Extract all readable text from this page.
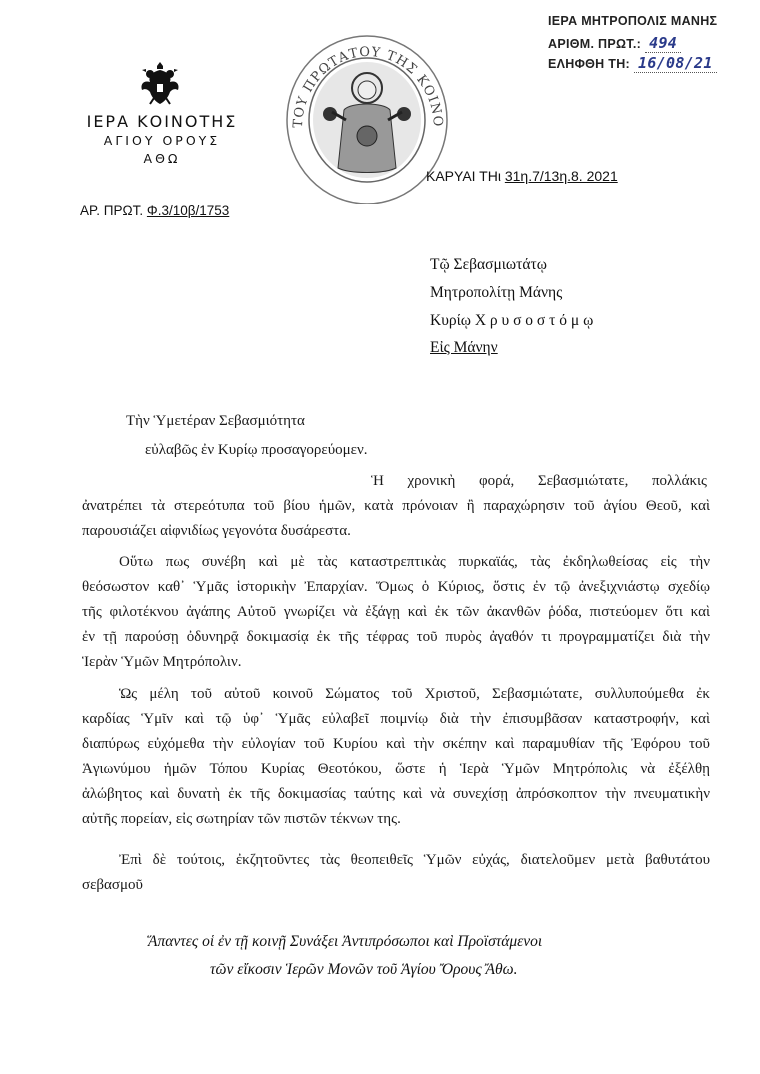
ΙΕΡΑ ΜΗΤΡΟΠΟΛΙΣ ΜΑΝΗΣ
ΑΡΙΘΜ. ΠΡΩΤ.: 494
ΕΛΗΦΘΗ ΤΗ: 16/08/21
ΙΕΡΑ ΚΟΙΝΟΤΗΣ
ΑΓΙΟΥ ΟΡΟΥΣ
ΑΘΩ
ΑΡ. ΠΡΩΤ. Φ.3/10β/1753
ΤΟΥ ΠΡΩΤΑΤΟΥ ΤΗΣ ΚΟΙΝΟ
ΚΑΡΥΑΙ ΤΗι 31η.7/13η.8. 2021
Τῷ Σεβασμιωτάτῳ
Μητροπολίτῃ Μάνης
Κυρίῳ Χ ρ υ σ ο σ τ ό μ ῳ
Εἰς Μάνην
Τὴν Ὑμετέραν Σεβασμιότητα
εὐλαβῶς ἐν Κυρίῳ προσαγορεύομεν.
Ἡ χρονικὴ φορά, Σεβασμιώτατε, πολλάκις
ἀνατρέπει τὰ στερεότυπα τοῦ βίου ἡμῶν, κατὰ πρόνοιαν ἢ παραχώρησιν τοῦ ἁγίου Θεοῦ, καὶ
παρουσιάζει αἰφνιδίως γεγονότα δυσάρεστα.
Οὕτω πως συνέβη καὶ μὲ τὰς καταστρεπτικὰς πυρκαϊάς, τὰς ἐκδηλωθείσας εἰς τὴν
θεόσωστον καθ᾿ Ὑμᾶς ἱστορικὴν Ἐπαρχίαν. Ὅμως ὁ Κύριος, ὅστις ἐν τῷ ἀνεξιχνιάστῳ σχεδίῳ
τῆς φιλοτέκνου ἀγάπης Αὐτοῦ γνωρίζει νὰ ἐξάγῃ καὶ ἐκ τῶν ἀκανθῶν ῥόδα, πιστεύομεν ὅτι καὶ
ἐν τῇ παρούσῃ ὀδυνηρᾷ δοκιμασίᾳ ἐκ τῆς τέφρας τοῦ πυρὸς ἀγαθόν τι προγραμματίζει διὰ τὴν
Ἱερὰν Ὑμῶν Μητρόπολιν.
Ὡς μέλη τοῦ αὐτοῦ κοινοῦ Σώματος τοῦ Χριστοῦ, Σεβασμιώτατε, συλλυπούμεθα ἐκ
καρδίας Ὑμῖν καὶ τῷ ὑφ᾿ Ὑμᾶς εὐλαβεῖ ποιμνίῳ διὰ τὴν ἐπισυμβᾶσαν καταστροφήν, καὶ
διαπύρως εὐχόμεθα τὴν εὐλογίαν τοῦ Κυρίου καὶ τὴν σκέπην καὶ παραμυθίαν τῆς Ἐφόρου τοῦ
Ἁγιωνύμου ἡμῶν Τόπου Κυρίας Θεοτόκου, ὥστε ἡ Ἱερὰ Ὑμῶν Μητρόπολις νὰ ἐξέλθῃ
ἀλώβητος καὶ δυνατὴ ἐκ τῆς δοκιμασίας ταύτης καὶ νὰ συνεχίσῃ ἀπρόσκοπτον τὴν πνευματικὴν
αὐτῆς πορείαν, εἰς σωτηρίαν τῶν πιστῶν τέκνων της.
Ἐπὶ δὲ τούτοις, ἐκζητοῦντες τὰς θεοπειθεῖς Ὑμῶν εὐχάς, διατελοῦμεν μετὰ βαθυτάτου
σεβασμοῦ
Ἅπαντες οἱ ἐν τῇ κοινῇ Συνάξει Ἀντιπρόσωποι καὶ Προϊστάμενοι
τῶν εἴκοσιν Ἱερῶν Μονῶν τοῦ Ἁγίου Ὄρους Ἄθω.
